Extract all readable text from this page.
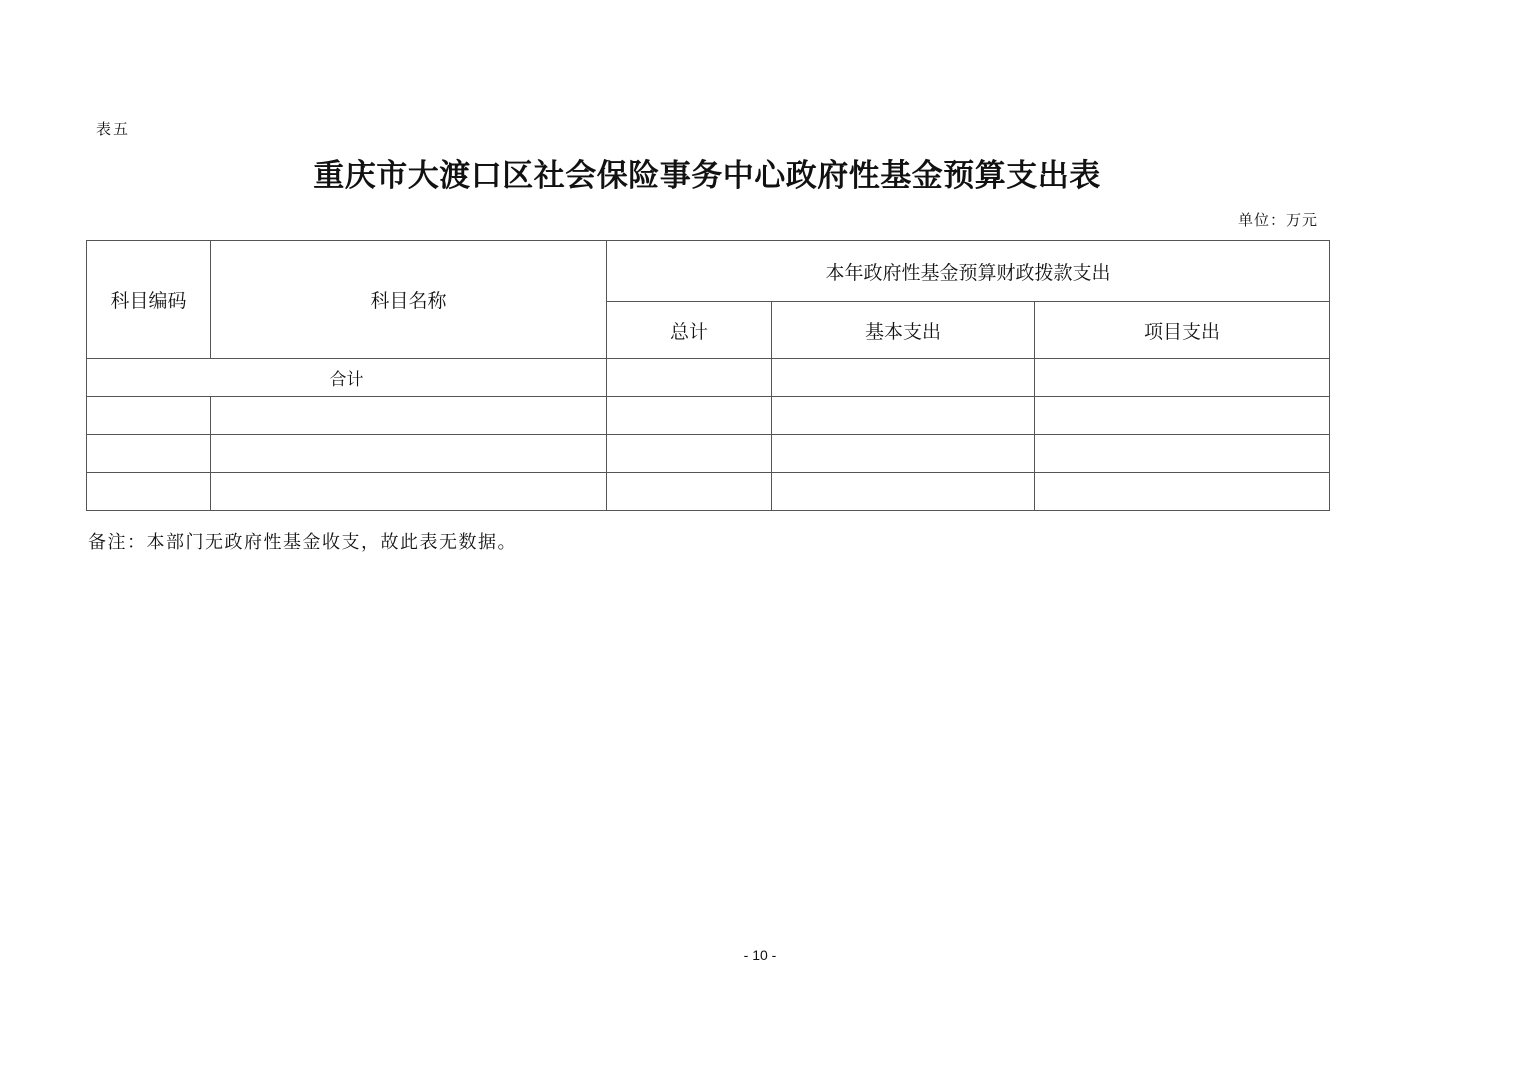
表五
重庆市大渡口区社会保险事务中心政府性基金预算支出表
单位：万元
科目编码	科目名称	本年政府性基金预算财政拨款支出		
		总计	基本支出	项目支出
合计				

备注：本部门无政府性基金收支，故此表无数据。
- 10 -
